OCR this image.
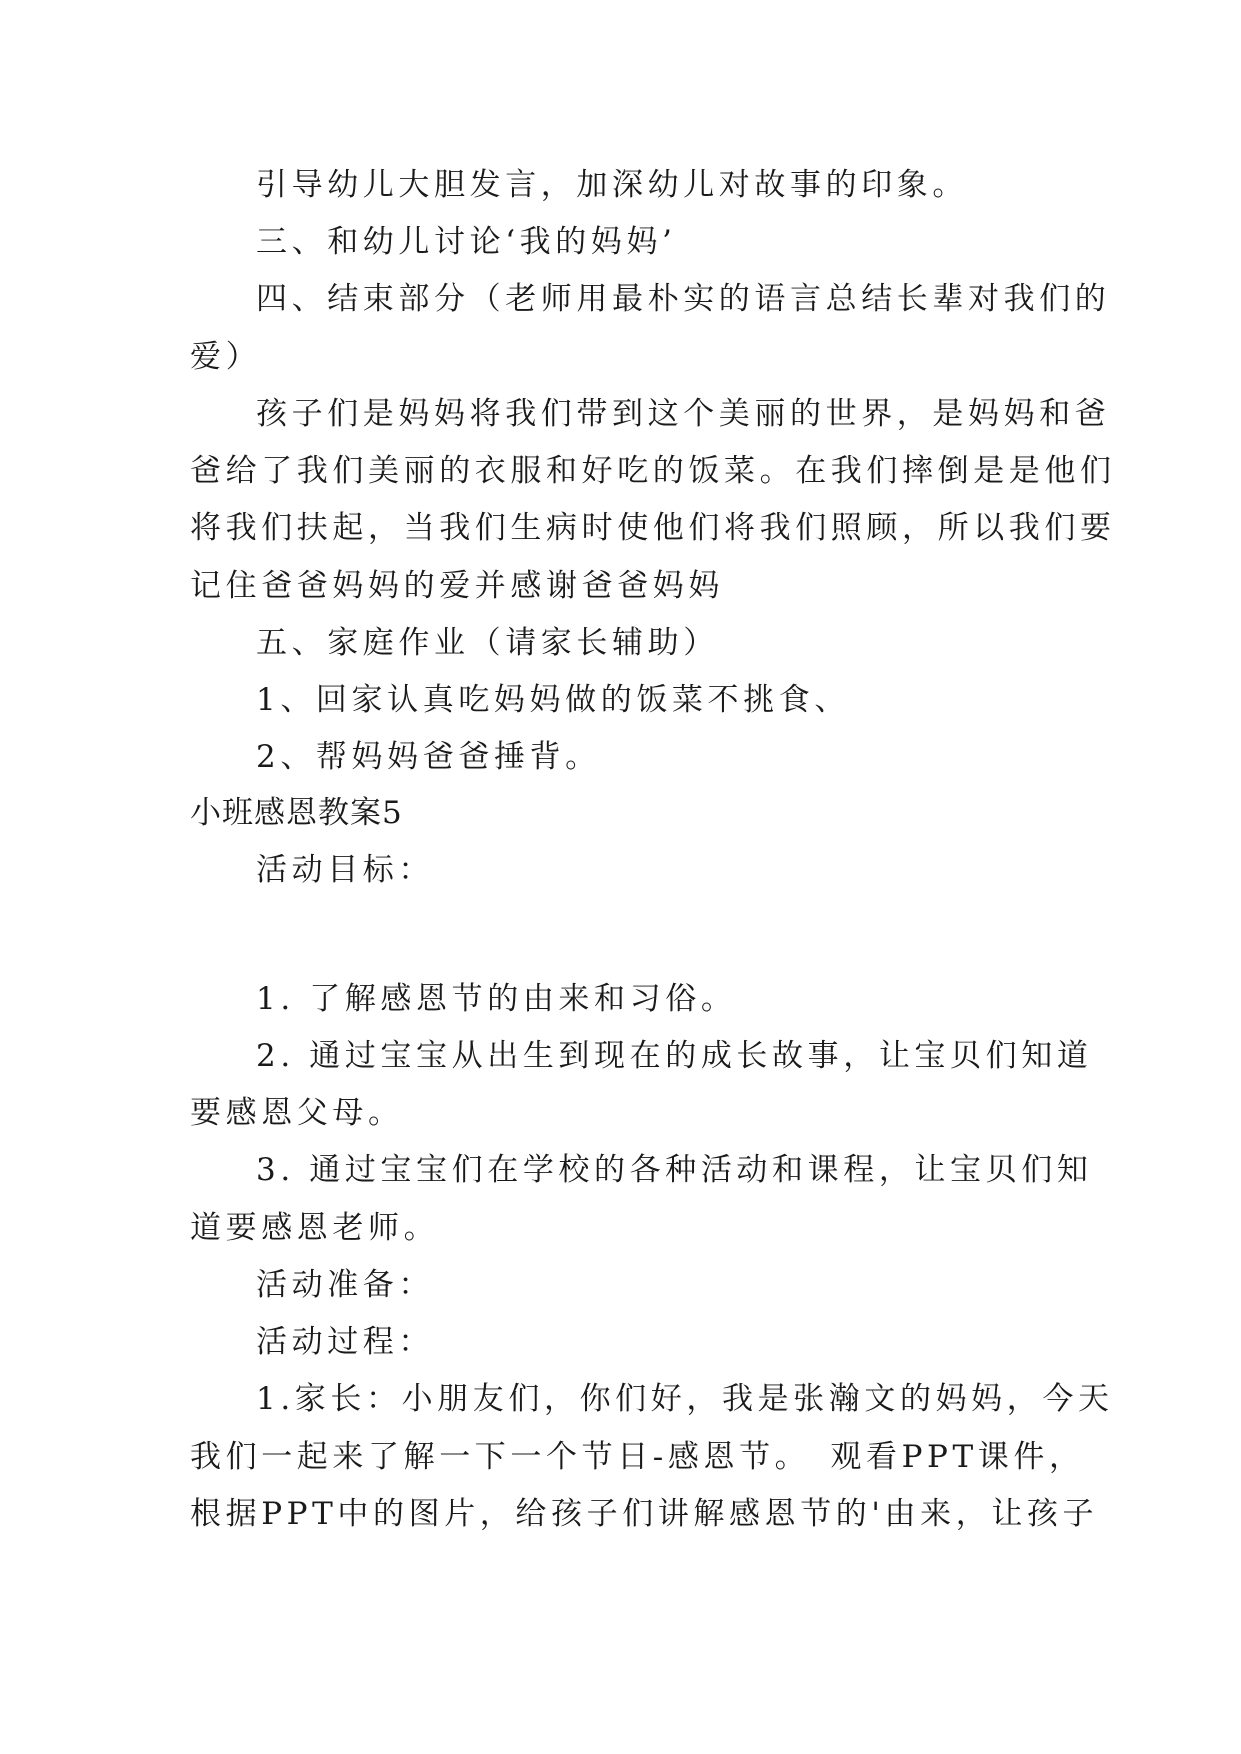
引导幼儿大胆发言，加深幼儿对故事的印象。
三、和幼儿讨论‘我的妈妈’
四、结束部分（老师用最朴实的语言总结长辈对我们的
爱）
孩子们是妈妈将我们带到这个美丽的世界，是妈妈和爸
爸给了我们美丽的衣服和好吃的饭菜。在我们摔倒是是他们
将我们扶起，当我们生病时使他们将我们照顾，所以我们要
记住爸爸妈妈的爱并感谢爸爸妈妈
五、家庭作业（请家长辅助）
1、回家认真吃妈妈做的饭菜不挑食、
2、帮妈妈爸爸捶背。
小班感恩教案5
活动目标：
1. 了解感恩节的由来和习俗。
2. 通过宝宝从出生到现在的成长故事，让宝贝们知道
要感恩父母。
3. 通过宝宝们在学校的各种活动和课程，让宝贝们知
道要感恩老师。
活动准备：
活动过程：
1.家长：小朋友们，你们好，我是张瀚文的妈妈，今天
我们一起来了解一下一个节日-感恩节。　观看PPT课件，
根据PPT中的图片，给孩子们讲解感恩节的'由来，让孩子
